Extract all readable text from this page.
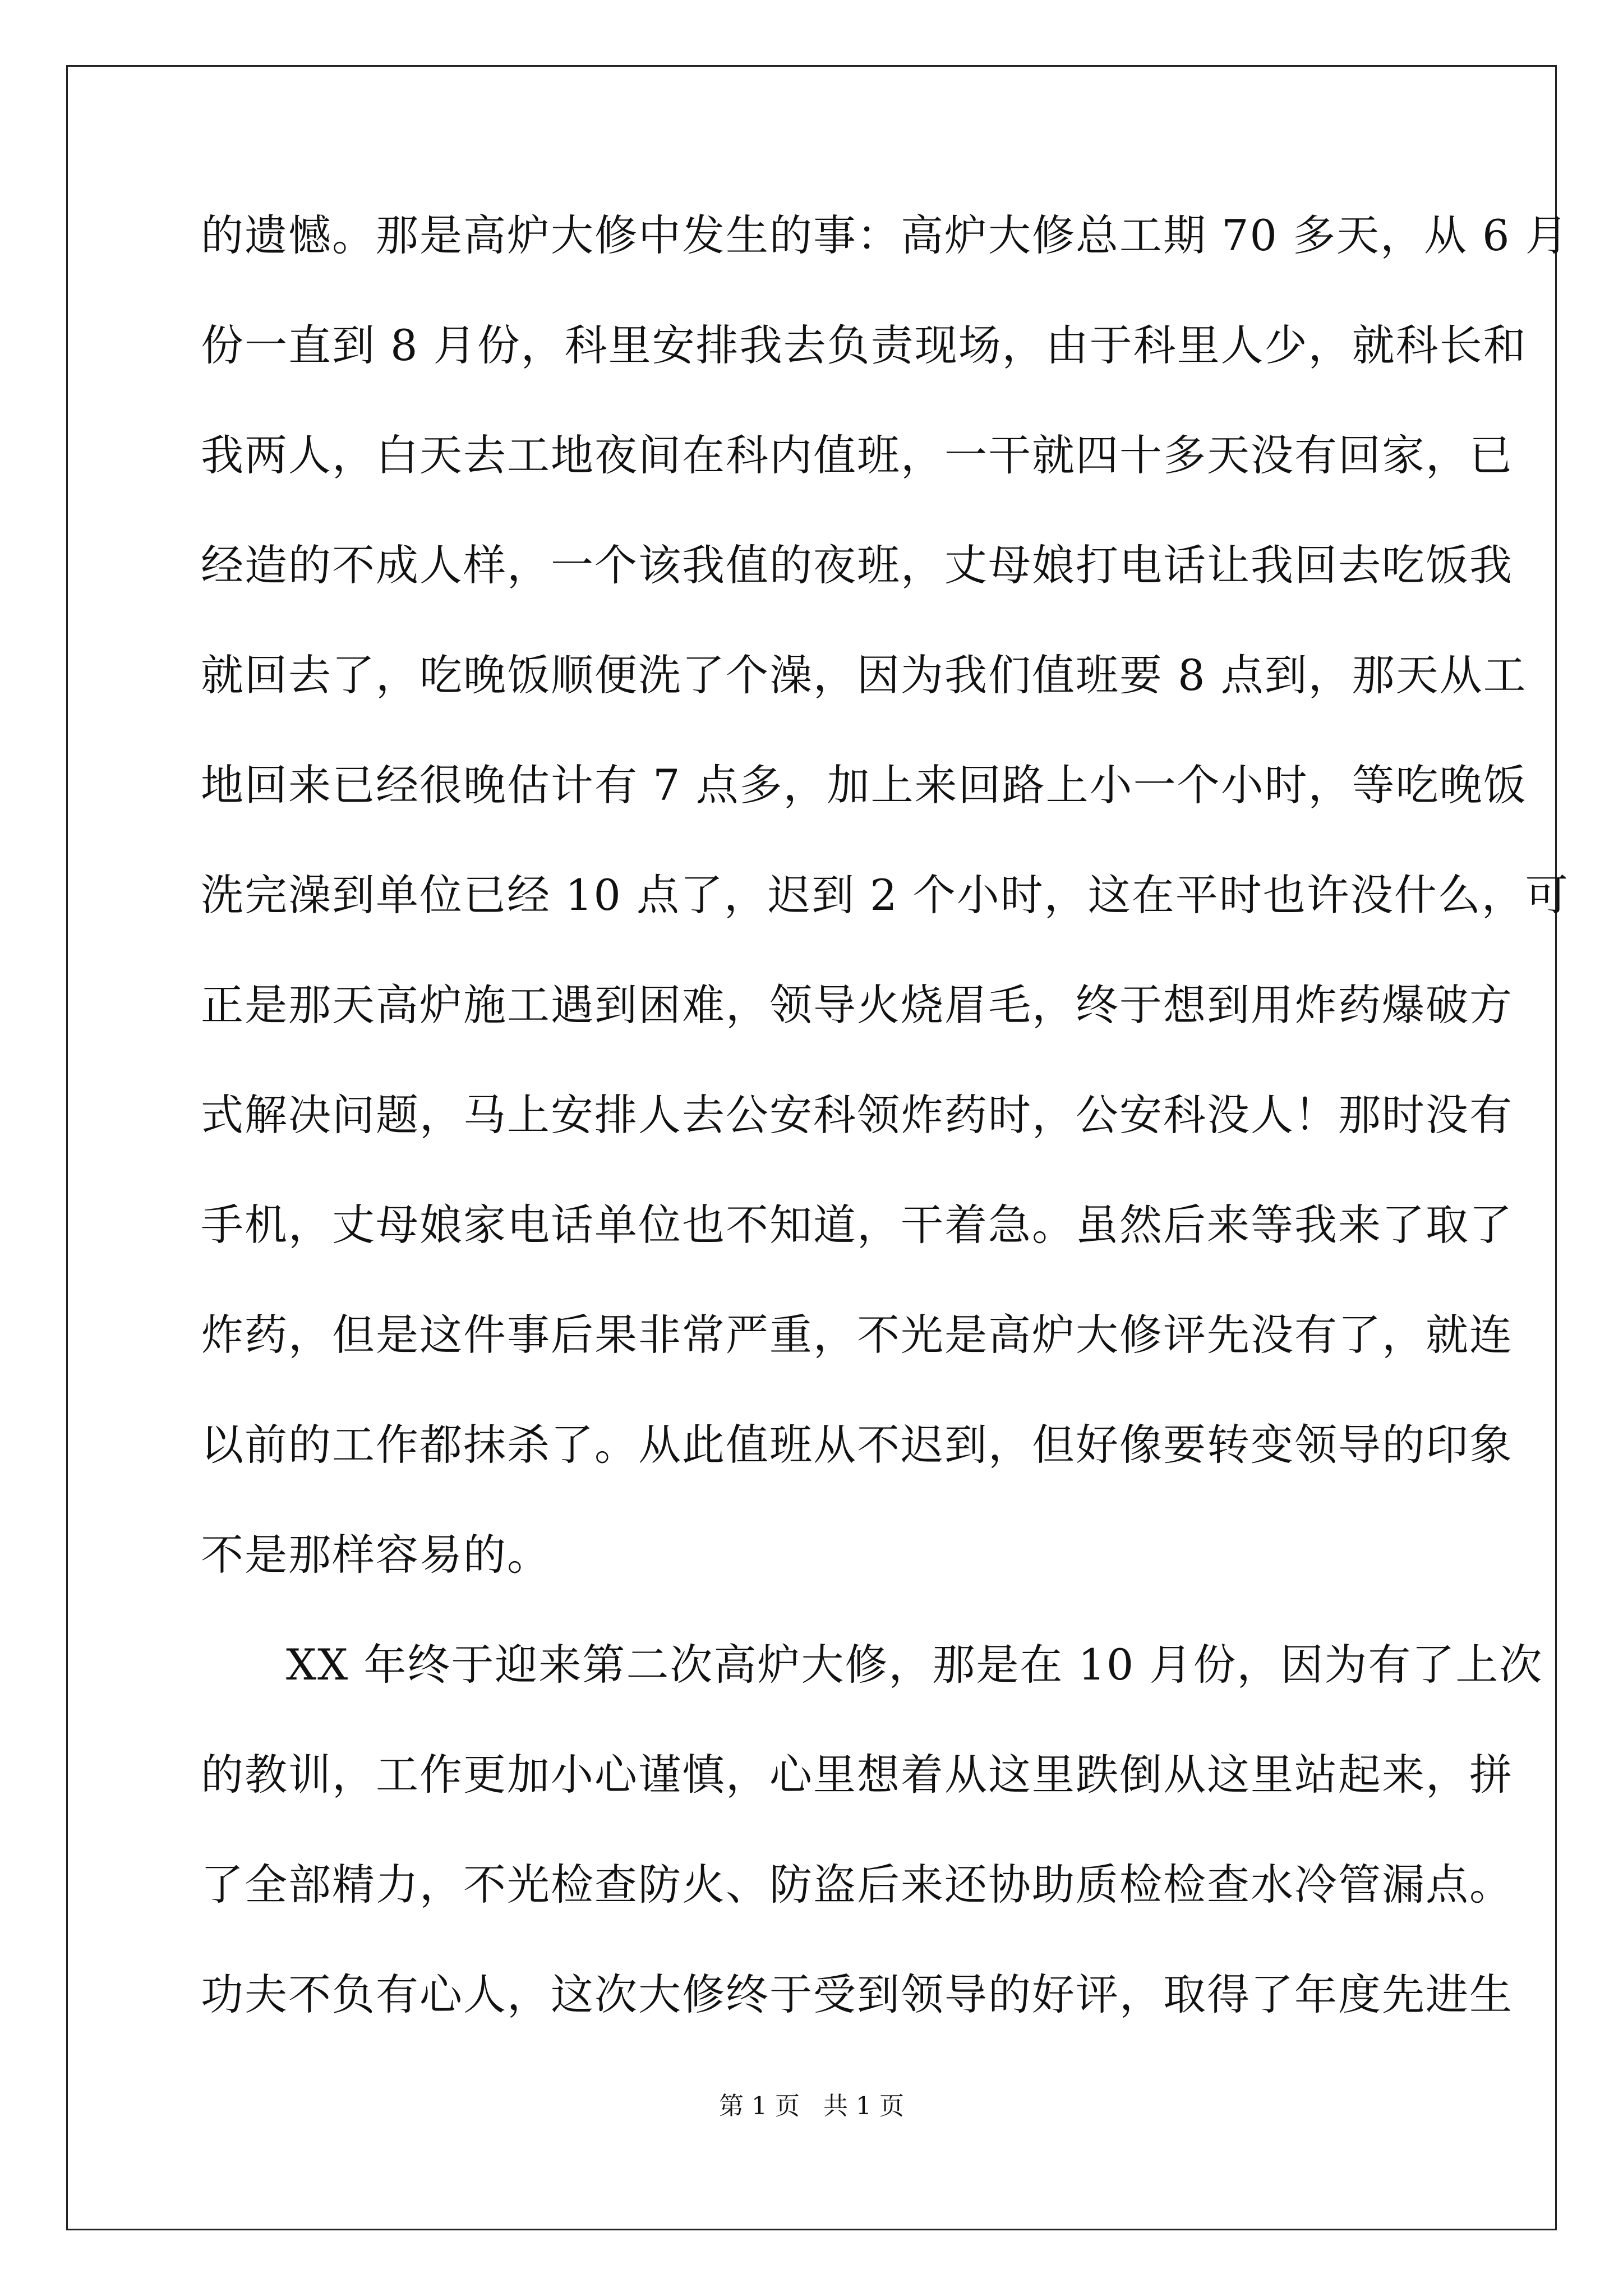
的遗憾。那是高炉大修中发生的事：高炉大修总工期 70 多天，从 6 月
份一直到 8 月份，科里安排我去负责现场，由于科里人少，就科长和
我两人，白天去工地夜间在科内值班，一干就四十多天没有回家，已
经造的不成人样，一个该我值的夜班，丈母娘打电话让我回去吃饭我
就回去了，吃晚饭顺便洗了个澡，因为我们值班要 8 点到，那天从工
地回来已经很晚估计有 7 点多，加上来回路上小一个小时，等吃晚饭
洗完澡到单位已经 10 点了，迟到 2 个小时，这在平时也许没什么，可
正是那天高炉施工遇到困难，领导火烧眉毛，终于想到用炸药爆破方
式解决问题，马上安排人去公安科领炸药时，公安科没人！那时没有
手机，丈母娘家电话单位也不知道，干着急。虽然后来等我来了取了
炸药，但是这件事后果非常严重，不光是高炉大修评先没有了，就连
以前的工作都抹杀了。从此值班从不迟到，但好像要转变领导的印象
不是那样容易的。
XX 年终于迎来第二次高炉大修，那是在 10 月份，因为有了上次
的教训，工作更加小心谨慎，心里想着从这里跌倒从这里站起来，拼
了全部精力，不光检查防火、防盗后来还协助质检检查水冷管漏点。
功夫不负有心人，这次大修终于受到领导的好评，取得了年度先进生
第 1 页   共 1 页
